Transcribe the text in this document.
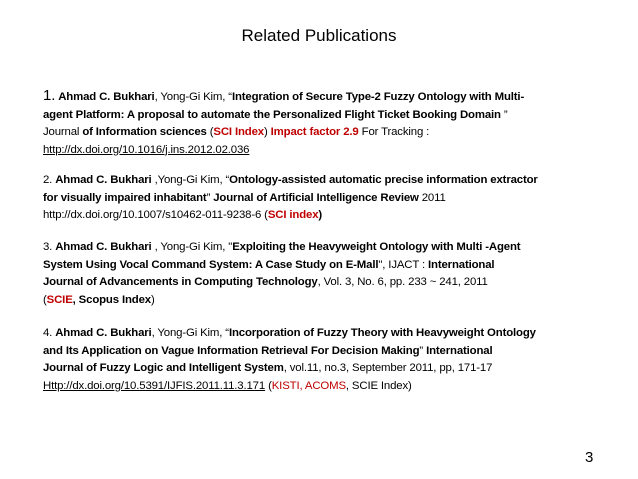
Related Publications
1. Ahmad C. Bukhari, Yong-Gi Kim, “Integration of Secure Type-2 Fuzzy Ontology with Multi-
agent Platform: A proposal to automate the Personalized Flight Ticket Booking Domain ”
Journal of Information sciences (SCI Index) Impact factor 2.9 For Tracking :
http://dx.doi.org/10.1016/j.ins.2012.02.036
2. Ahmad C. Bukhari ,Yong-Gi Kim, “Ontology-assisted automatic precise information extractor
for visually impaired inhabitant” Journal of Artificial Intelligence Review 2011
http://dx.doi.org/10.1007/s10462-011-9238-6 (SCI index)
3. Ahmad C. Bukhari , Yong-Gi Kim, "Exploiting the Heavyweight Ontology with Multi -Agent
System Using Vocal Command System: A Case Study on E-Mall", IJACT : International
Journal of Advancements in Computing Technology, Vol. 3, No. 6, pp. 233 ~ 241, 2011
(SCIE, Scopus Index)
4. Ahmad C. Bukhari, Yong-Gi Kim, “Incorporation of Fuzzy Theory with Heavyweight Ontology
and Its Application on Vague Information Retrieval For Decision Making” International
Journal of Fuzzy Logic and Intelligent System, vol.11, no.3, September 2011, pp, 171-17
Http://dx.doi.org/10.5391/IJFIS.2011.11.3.171 (KISTI, ACOMS, SCIE Index)
3
